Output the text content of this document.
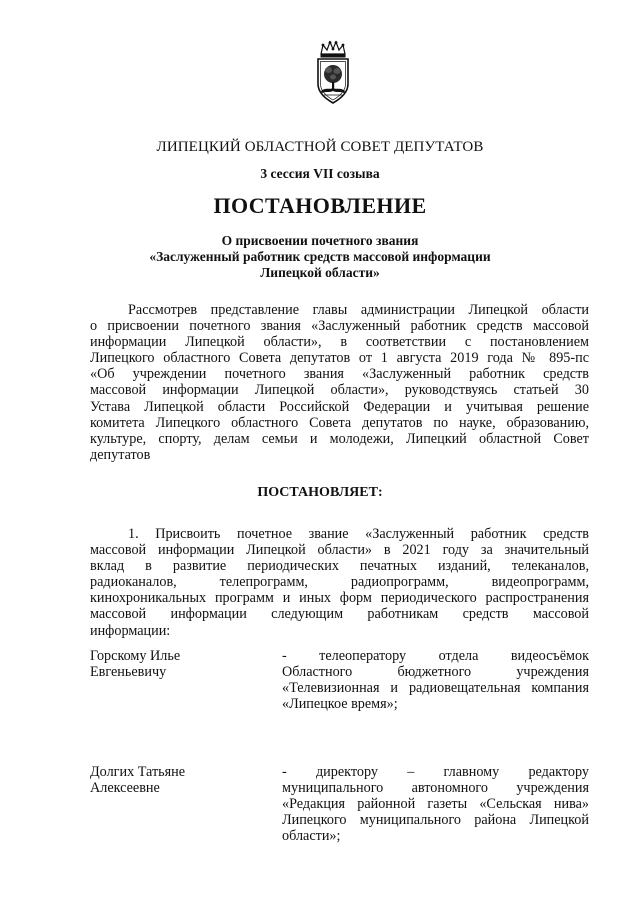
ЛИПЕЦКИЙ ОБЛАСТНОЙ СОВЕТ ДЕПУТАТОВ
3 сессия VII созыва
ПОСТАНОВЛЕНИЕ
О присвоении почетного звания
«Заслуженный работник средств массовой информации
Липецкой области»
Рассмотрев представление главы администрации Липецкой области
о присвоении почетного звания «Заслуженный работник средств массовой
информации Липецкой области», в соответствии с постановлением
Липецкого областного Совета депутатов от 1 августа 2019 года № 895-пс
«Об учреждении почетного звания «Заслуженный работник средств
массовой информации Липецкой области», руководствуясь статьей 30
Устава Липецкой области Российской Федерации и учитывая решение
комитета Липецкого областного Совета депутатов по науке, образованию,
культуре, спорту, делам семьи и молодежи, Липецкий областной Совет
депутатов
ПОСТАНОВЛЯЕТ:
1. Присвоить почетное звание «Заслуженный работник средств
массовой информации Липецкой области» в 2021 году за значительный
вклад в развитие периодических печатных изданий, телеканалов,
радиоканалов, телепрограмм, радиопрограмм, видеопрограмм,
кинохроникальных программ и иных форм периодического распространения
массовой информации следующим работникам средств массовой
информации:
Горскому Илье
Евгеньевичу
- телеоператору отдела видеосъёмок
Областного бюджетного учреждения
«Телевизионная и радиовещательная компания
«Липецкое время»;
Долгих Татьяне
Алексеевне
- директору – главному редактору
муниципального автономного учреждения
«Редакция районной газеты «Сельская нива»
Липецкого муниципального района Липецкой
области»;
